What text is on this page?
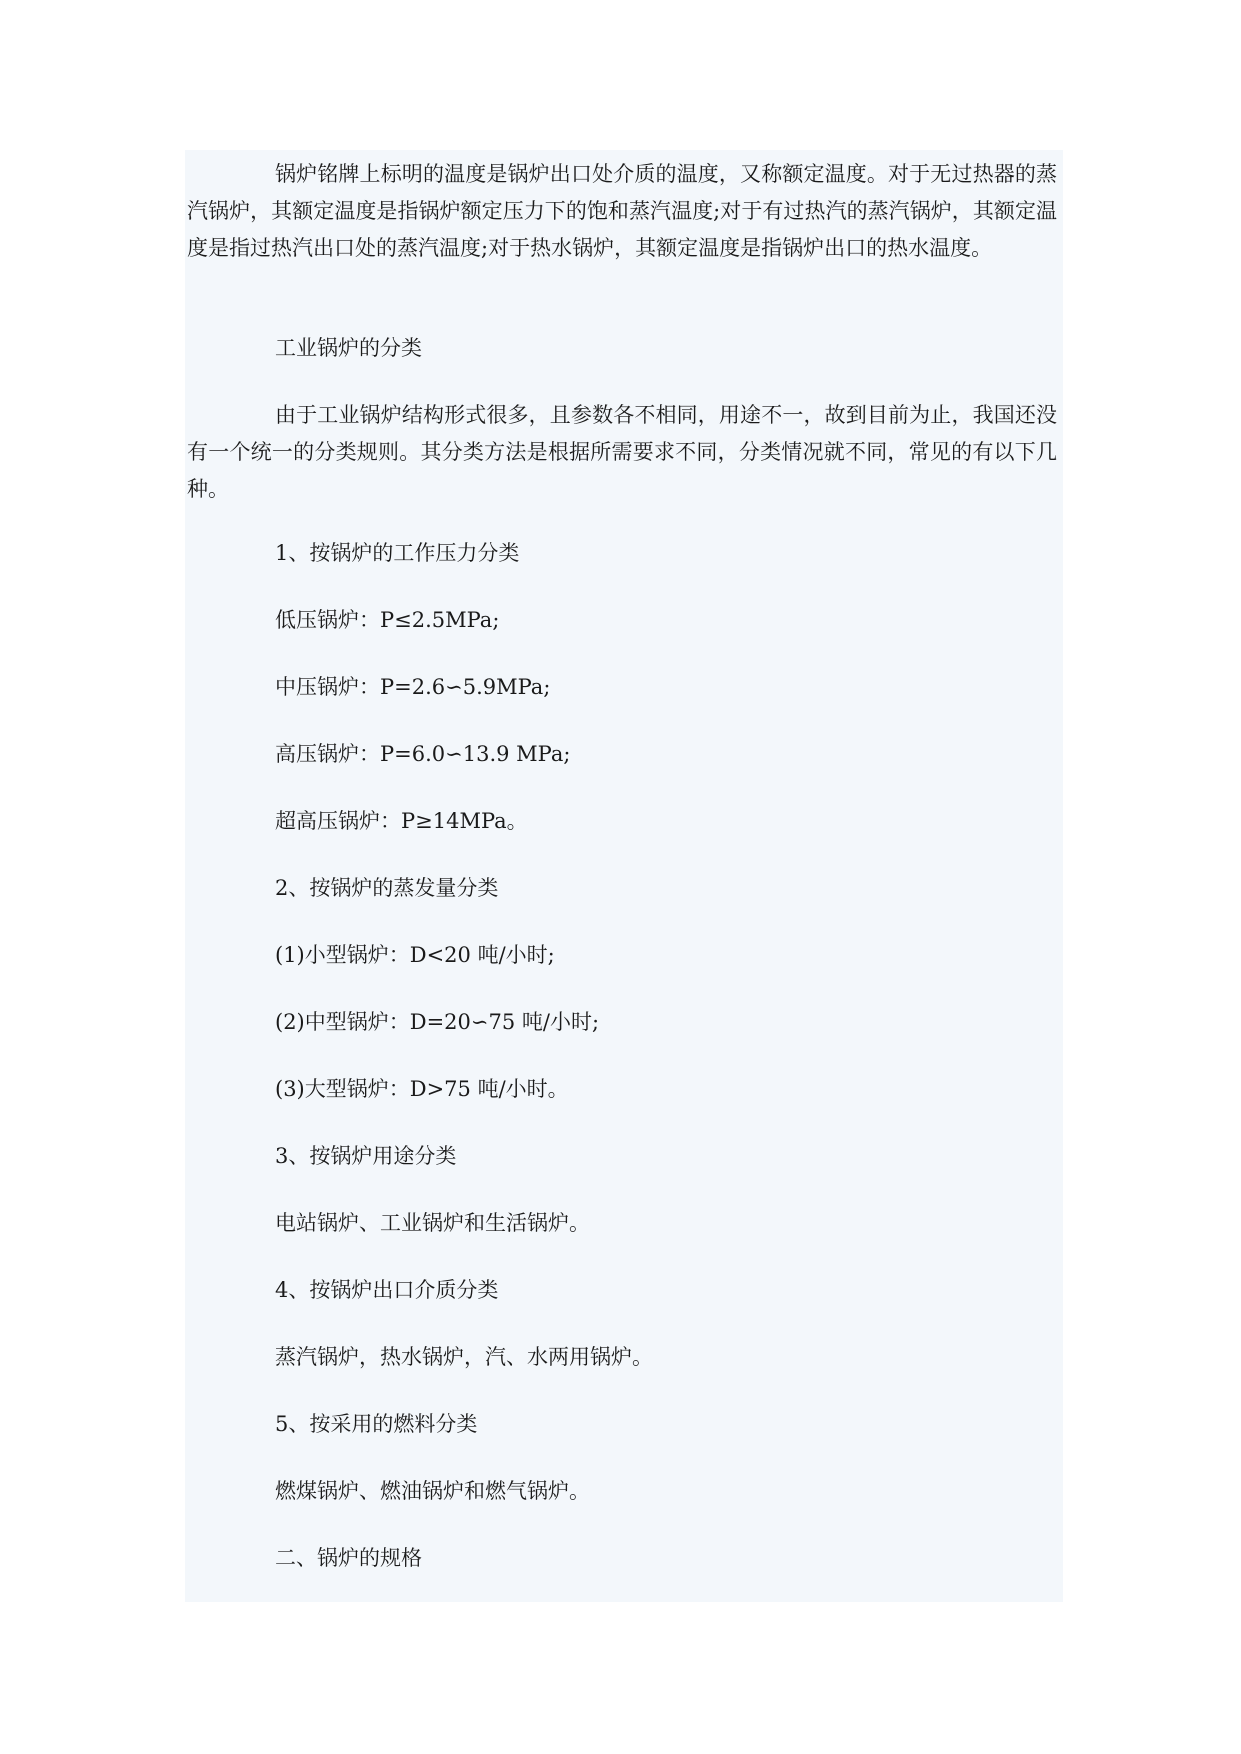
锅炉铭牌上标明的温度是锅炉出口处介质的温度，又称额定温度。对于无过热器的蒸汽锅炉，其额定温度是指锅炉额定压力下的饱和蒸汽温度;对于有过热汽的蒸汽锅炉，其额定温度是指过热汽出口处的蒸汽温度;对于热水锅炉，其额定温度是指锅炉出口的热水温度。

工业锅炉的分类

由于工业锅炉结构形式很多，且参数各不相同，用途不一，故到目前为止，我国还没有一个统一的分类规则。其分类方法是根据所需要求不同，分类情况就不同，常见的有以下几种。

1、按锅炉的工作压力分类

低压锅炉：P≤2.5MPa;

中压锅炉：P=2.6∽5.9MPa;

高压锅炉：P=6.0∽13.9 MPa;

超高压锅炉：P≥14MPa。

2、按锅炉的蒸发量分类

(1)小型锅炉：D<20 吨/小时;

(2)中型锅炉：D=20∽75 吨/小时;

(3)大型锅炉：D>75 吨/小时。

3、按锅炉用途分类

电站锅炉、工业锅炉和生活锅炉。

4、按锅炉出口介质分类

蒸汽锅炉，热水锅炉，汽、水两用锅炉。

5、按采用的燃料分类

燃煤锅炉、燃油锅炉和燃气锅炉。

二、锅炉的规格
